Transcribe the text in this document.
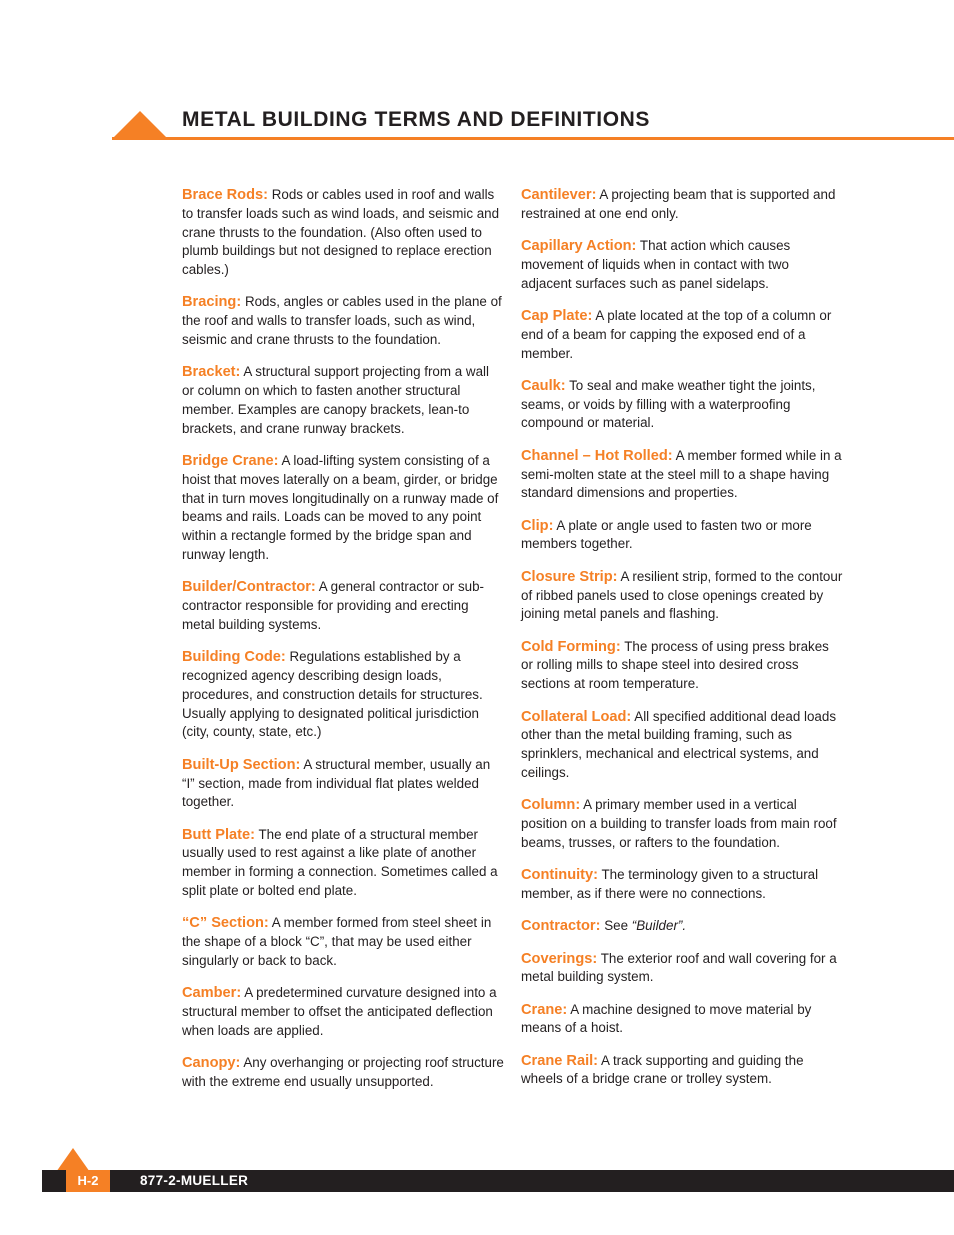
METAL BUILDING TERMS AND DEFINITIONS

Brace Rods: Rods or cables used in roof and walls to transfer loads such as wind loads, and seismic and crane thrusts to the foundation. (Also often used to plumb buildings but not designed to replace erection cables.)

Bracing: Rods, angles or cables used in the plane of the roof and walls to transfer loads, such as wind, seismic and crane thrusts to the foundation.

Bracket: A structural support projecting from a wall or column on which to fasten another structural member. Examples are canopy brackets, lean-to brackets, and crane runway brackets.

Bridge Crane: A load-lifting system consisting of a hoist that moves laterally on a beam, girder, or bridge that in turn moves longitudinally on a runway made of beams and rails. Loads can be moved to any point within a rectangle formed by the bridge span and runway length.

Builder/Contractor: A general contractor or sub-contractor responsible for providing and erecting metal building systems.

Building Code: Regulations established by a recognized agency describing design loads, procedures, and construction details for structures. Usually applying to designated political jurisdiction (city, county, state, etc.)

Built-Up Section: A structural member, usually an “I” section, made from individual flat plates welded together.

Butt Plate: The end plate of a structural member usually used to rest against a like plate of another member in forming a connection. Sometimes called a split plate or bolted end plate.

“C” Section: A member formed from steel sheet in the shape of a block “C”, that may be used either singularly or back to back.

Camber: A predetermined curvature designed into a structural member to offset the anticipated deflection when loads are applied.

Canopy: Any overhanging or projecting roof structure with the extreme end usually unsupported.

Cantilever: A projecting beam that is supported and restrained at one end only.

Capillary Action: That action which causes movement of liquids when in contact with two adjacent surfaces such as panel sidelaps.

Cap Plate: A plate located at the top of a column or end of a beam for capping the exposed end of a member.

Caulk: To seal and make weather tight the joints, seams, or voids by filling with a waterproofing compound or material.

Channel – Hot Rolled: A member formed while in a semi-molten state at the steel mill to a shape having standard dimensions and properties.

Clip: A plate or angle used to fasten two or more members together.

Closure Strip: A resilient strip, formed to the contour of ribbed panels used to close openings created by joining metal panels and flashing.

Cold Forming: The process of using press brakes or rolling mills to shape steel into desired cross sections at room temperature.

Collateral Load: All specified additional dead loads other than the metal building framing, such as sprinklers, mechanical and electrical systems, and ceilings.

Column: A primary member used in a vertical position on a building to transfer loads from main roof beams, trusses, or rafters to the foundation.

Continuity: The terminology given to a structural member, as if there were no connections.

Contractor: See “Builder”.

Coverings: The exterior roof and wall covering for a metal building system.

Crane: A machine designed to move material by means of a hoist.

Crane Rail: A track supporting and guiding the wheels of a bridge crane or trolley system.

H-2	877-2-MUELLER
